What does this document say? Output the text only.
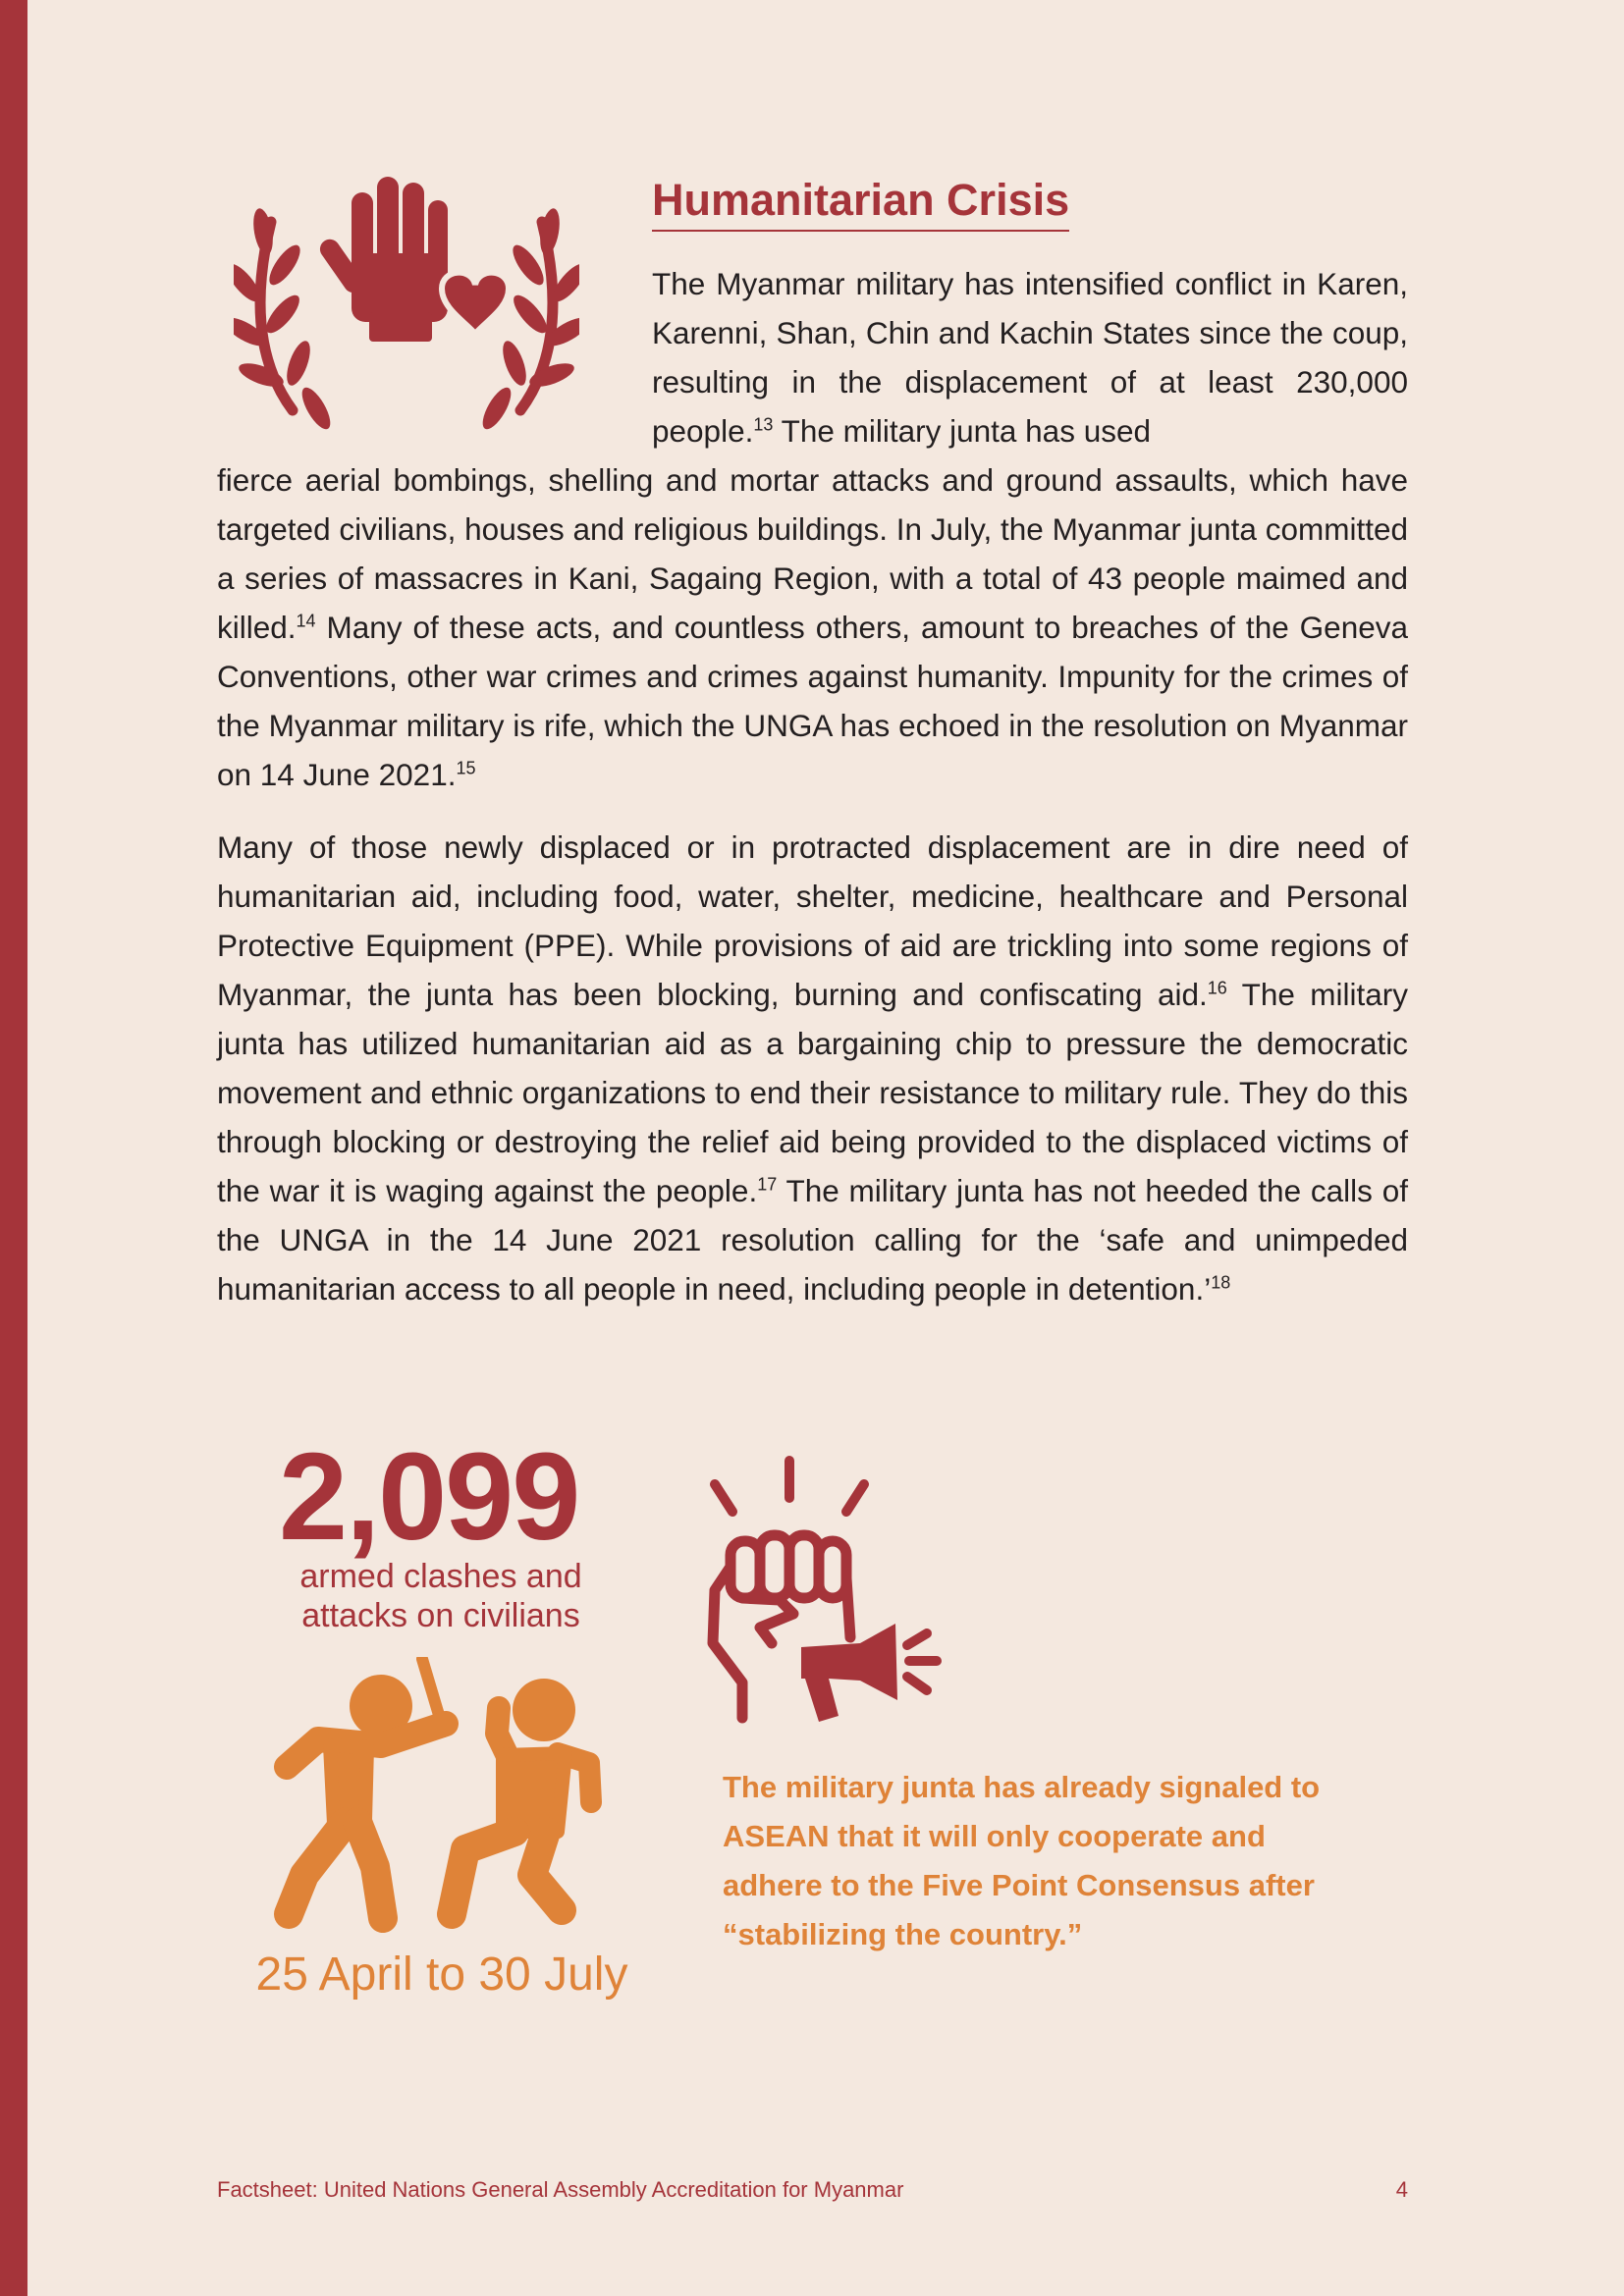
Humanitarian Crisis
The Myanmar military has intensified conflict in Karen, Karenni, Shan, Chin and Kachin States since the coup, resulting in the displacement of at least 230,000 people.$^{13}$ The military junta has used
fierce aerial bombings, shelling and mortar attacks and ground assaults, which have targeted civilians, houses and religious buildings. In July, the Myanmar junta committed a series of massacres in Kani, Sagaing Region, with a total of 43 people maimed and killed.$^{14}$ Many of these acts, and countless others, amount to breaches of the Geneva Conventions, other war crimes and crimes against humanity. Impunity for the crimes of the Myanmar military is rife, which the UNGA has echoed in the resolution on Myanmar on 14 June 2021.15
Many of those newly displaced or in protracted displacement are in dire need of humanitarian aid, including food, water, shelter, medicine, healthcare and Personal Protective Equipment (PPE). While provisions of aid are trickling into some regions of Myanmar, the junta has been blocking, burning and confiscating aid.$^{16}$ The military junta has utilized humanitarian aid as a bargaining chip to pressure the democratic movement and ethnic organizations to end their resistance to military rule. They do this through blocking or destroying the relief aid being provided to the displaced victims of the war it is waging against the people.$^{17}$ The military junta has not heeded the calls of the UNGA in the 14 June 2021 resolution calling for the ‘safe and unimpeded humanitarian access to all people in need, including people in detention.’$^{18}$
2,099
armed clashes and attacks on civilians
25 April to 30 July
The military junta has already signaled to ASEAN that it will only cooperate and adhere to the Five Point Consensus after “stabilizing the country.”
Factsheet: United Nations General Assembly Accreditation for Myanmar	4
